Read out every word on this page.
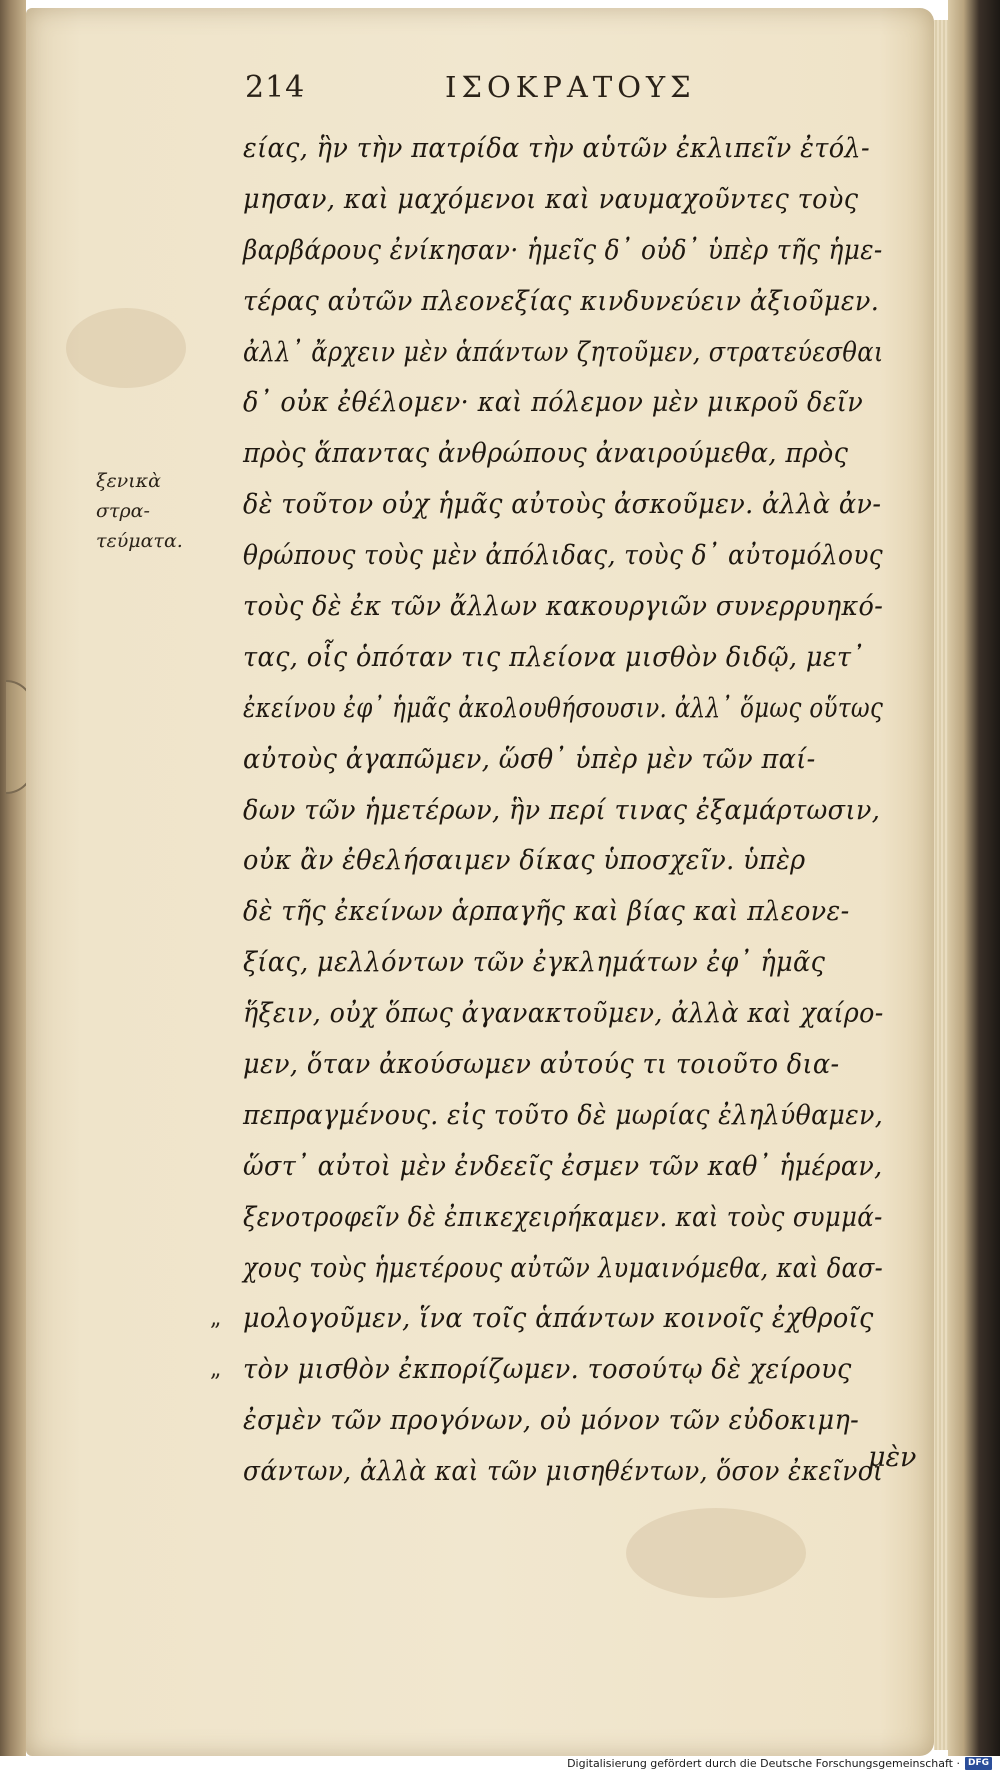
214	ΙΣΟΚΡΑΤΟΥΣ
ξενικὰ στρα-
τεύματα.
„
„
είας, ἣν τὴν πατρίδα τὴν αὑτῶν ἐκλιπεῖν ἐτόλ-
μησαν, καὶ μαχόμενοι καὶ ναυμαχοῦντες τοὺς
βαρβάρους ἐνίκησαν· ἡμεῖς δ᾽ οὐδ᾽ ὑπὲρ τῆς ἡμε-
τέρας αὐτῶν πλεονεξίας κινδυνεύειν ἀξιοῦμεν.
ἀλλ᾽ ἄρχειν μὲν ἁπάντων ζητοῦμεν, στρατεύεσθαι
δ᾽ οὐκ ἐθέλομεν· καὶ πόλεμον μὲν μικροῦ δεῖν
πρὸς ἅπαντας ἀνθρώπους ἀναιρούμεθα, πρὸς
δὲ τοῦτον οὐχ ἡμᾶς αὐτοὺς ἀσκοῦμεν. ἀλλὰ ἀν-
θρώπους τοὺς μὲν ἀπόλιδας, τοὺς δ᾽ αὐτομόλους
τοὺς δὲ ἐκ τῶν ἄλλων κακουργιῶν συνερρυηκό-
τας, οἷς ὁπόταν τις πλείονα μισθὸν διδῷ, μετ᾽
ἐκείνου ἐφ᾽ ἡμᾶς ἀκολουθήσουσιν. ἀλλ᾽ ὅμως οὕτως
αὐτοὺς ἀγαπῶμεν, ὥσθ᾽ ὑπὲρ μὲν τῶν παί-
δων τῶν ἡμετέρων, ἣν περί τινας ἐξαμάρτωσιν,
οὐκ ἂν ἐθελήσαιμεν δίκας ὑποσχεῖν. ὑπὲρ
δὲ τῆς ἐκείνων ἁρπαγῆς καὶ βίας καὶ πλεονε-
ξίας, μελλόντων τῶν ἐγκλημάτων ἐφ᾽ ἡμᾶς
ἥξειν, οὐχ ὅπως ἀγανακτοῦμεν, ἀλλὰ καὶ χαίρο-
μεν, ὅταν ἀκούσωμεν αὐτούς τι τοιοῦτο δια-
πεπραγμένους. εἰς τοῦτο δὲ μωρίας ἐληλύθαμεν,
ὥστ᾽ αὐτοὶ μὲν ἐνδεεῖς ἐσμεν τῶν καθ᾽ ἡμέραν,
ξενοτροφεῖν δὲ ἐπικεχειρήκαμεν. καὶ τοὺς συμμά-
χους τοὺς ἡμετέρους αὐτῶν λυμαινόμεθα, καὶ δασ-
μολογοῦμεν, ἵνα τοῖς ἁπάντων κοινοῖς ἐχθροῖς
τὸν μισθὸν ἐκπορίζωμεν. τοσούτῳ δὲ χείρους
ἐσμὲν τῶν προγόνων, οὐ μόνον τῶν εὐδοκιμη-
σάντων, ἀλλὰ καὶ τῶν μισηθέντων, ὅσον ἐκεῖνοι
μὲν
Digitalisierung gefördert durch die Deutsche Forschungsgemeinschaft · DFG
